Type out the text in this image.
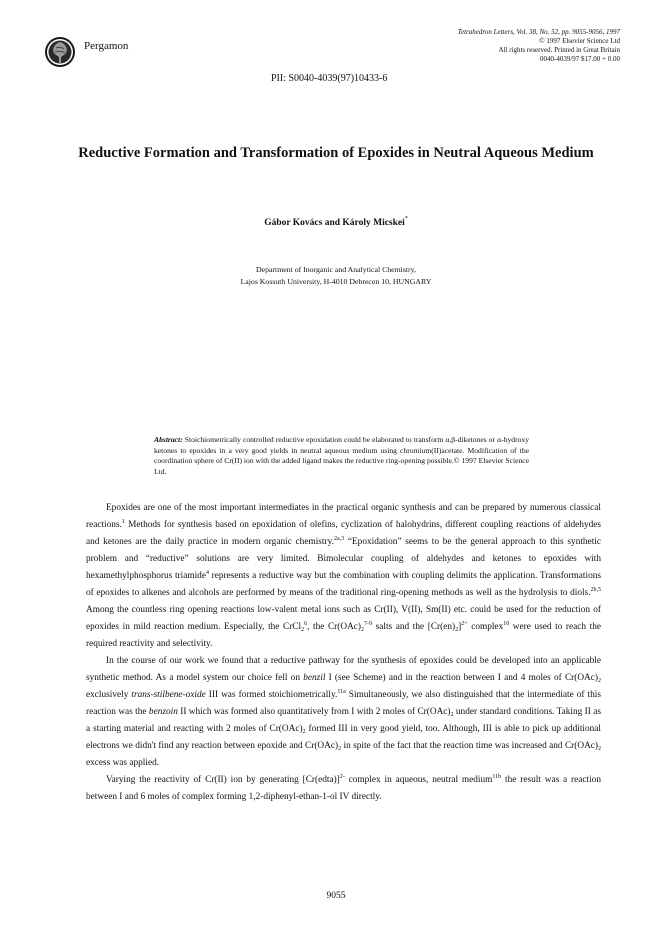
Pergamon
Tetrahedron Letters, Vol. 38, No. 52, pp. 9055-9056, 1997
© 1997 Elsevier Science Ltd
All rights reserved. Printed in Great Britain
0040-4039/97 $17.00 + 0.00
PII: S0040-4039(97)10433-6
Reductive Formation and Transformation of Epoxides in Neutral Aqueous Medium
Gábor Kovács and Károly Micskei*
Department of Inorganic and Analytical Chemistry,
Lajos Kossuth University, H-4010 Debrecen 10, HUNGARY
Abstract: Stoichiometrically controlled reductive epoxidation could be elaborated to transform α,β-diketones or α-hydroxy ketones to epoxides in a very good yields in neutral aqueous medium using chromium(II)acetate. Modification of the coordination sphere of Cr(II) ion with the added ligand makes the reductive ring-opening possible.© 1997 Elsevier Science Ltd.

Epoxides are one of the most important intermediates in the practical organic synthesis and can be prepared by numerous classical reactions.$^1$ Methods for synthesis based on epoxidation of olefins, cyclization of halohydrins, different coupling reactions of aldehydes and ketones are the daily practice in modern organic chemistry.$^{2a,3}$ “Epoxidation” seems to be the general approach to this synthetic problem and “reductive” solutions are very limited. Bimolecular coupling of aldehydes and ketones to epoxides with hexamethylphosphorus triamide$^4$ represents a reductive way but the combination with coupling delimits the application. Transformations of epoxides to alkenes and alcohols are performed by means of the traditional ring-opening methods as well as the hydrolysis to diols.$^{2b,5}$ Among the countless ring opening reactions low-valent metal ions such as Cr(II), V(II), Sm(II) etc. could be used for the reduction of epoxides in mild reaction medium. Especially, the CrCl$_2^6$, the $Cr(OAc)_2^{7-9}$ salts and the $[Cr(en)_2]^{2+}$ complex$^{10}$ were used to reach the required reactivity and selectivity.

In the course of our work we found that a reductive pathway for the synthesis of epoxides could be developed into an applicable synthetic method. As a model system our choice fell on benzil I (see Scheme) and in the reaction between I and 4 moles of $Cr(OAc)_2$ exclusively trans-stilbene-oxide III was formed stoichiometrically.$^{11a}$ Simultaneously, we also distinguished that the intermediate of this reaction was the benzoin II which was formed also quantitatively from I with 2 moles of $Cr(OAc)_2$ under standard conditions. Taking II as a starting material and reacting with 2 moles of $Cr(OAc)_2$ formed III in very good yield, too. Although, III is able to pick up additional electrons we didn't find any reaction between epoxide and $Cr(OAc)_2$ in spite of the fact that the reaction time was increased and $Cr(OAc)_2$ excess was applied.

Varying the reactivity of Cr(II) ion by generating [Cr(edta)]$^{2-}$ complex in aqueous, neutral medium$^{11b}$ the result was a reaction between I and 6 moles of complex forming 1,2-diphenyl-ethan-1-ol IV directly.

9055
